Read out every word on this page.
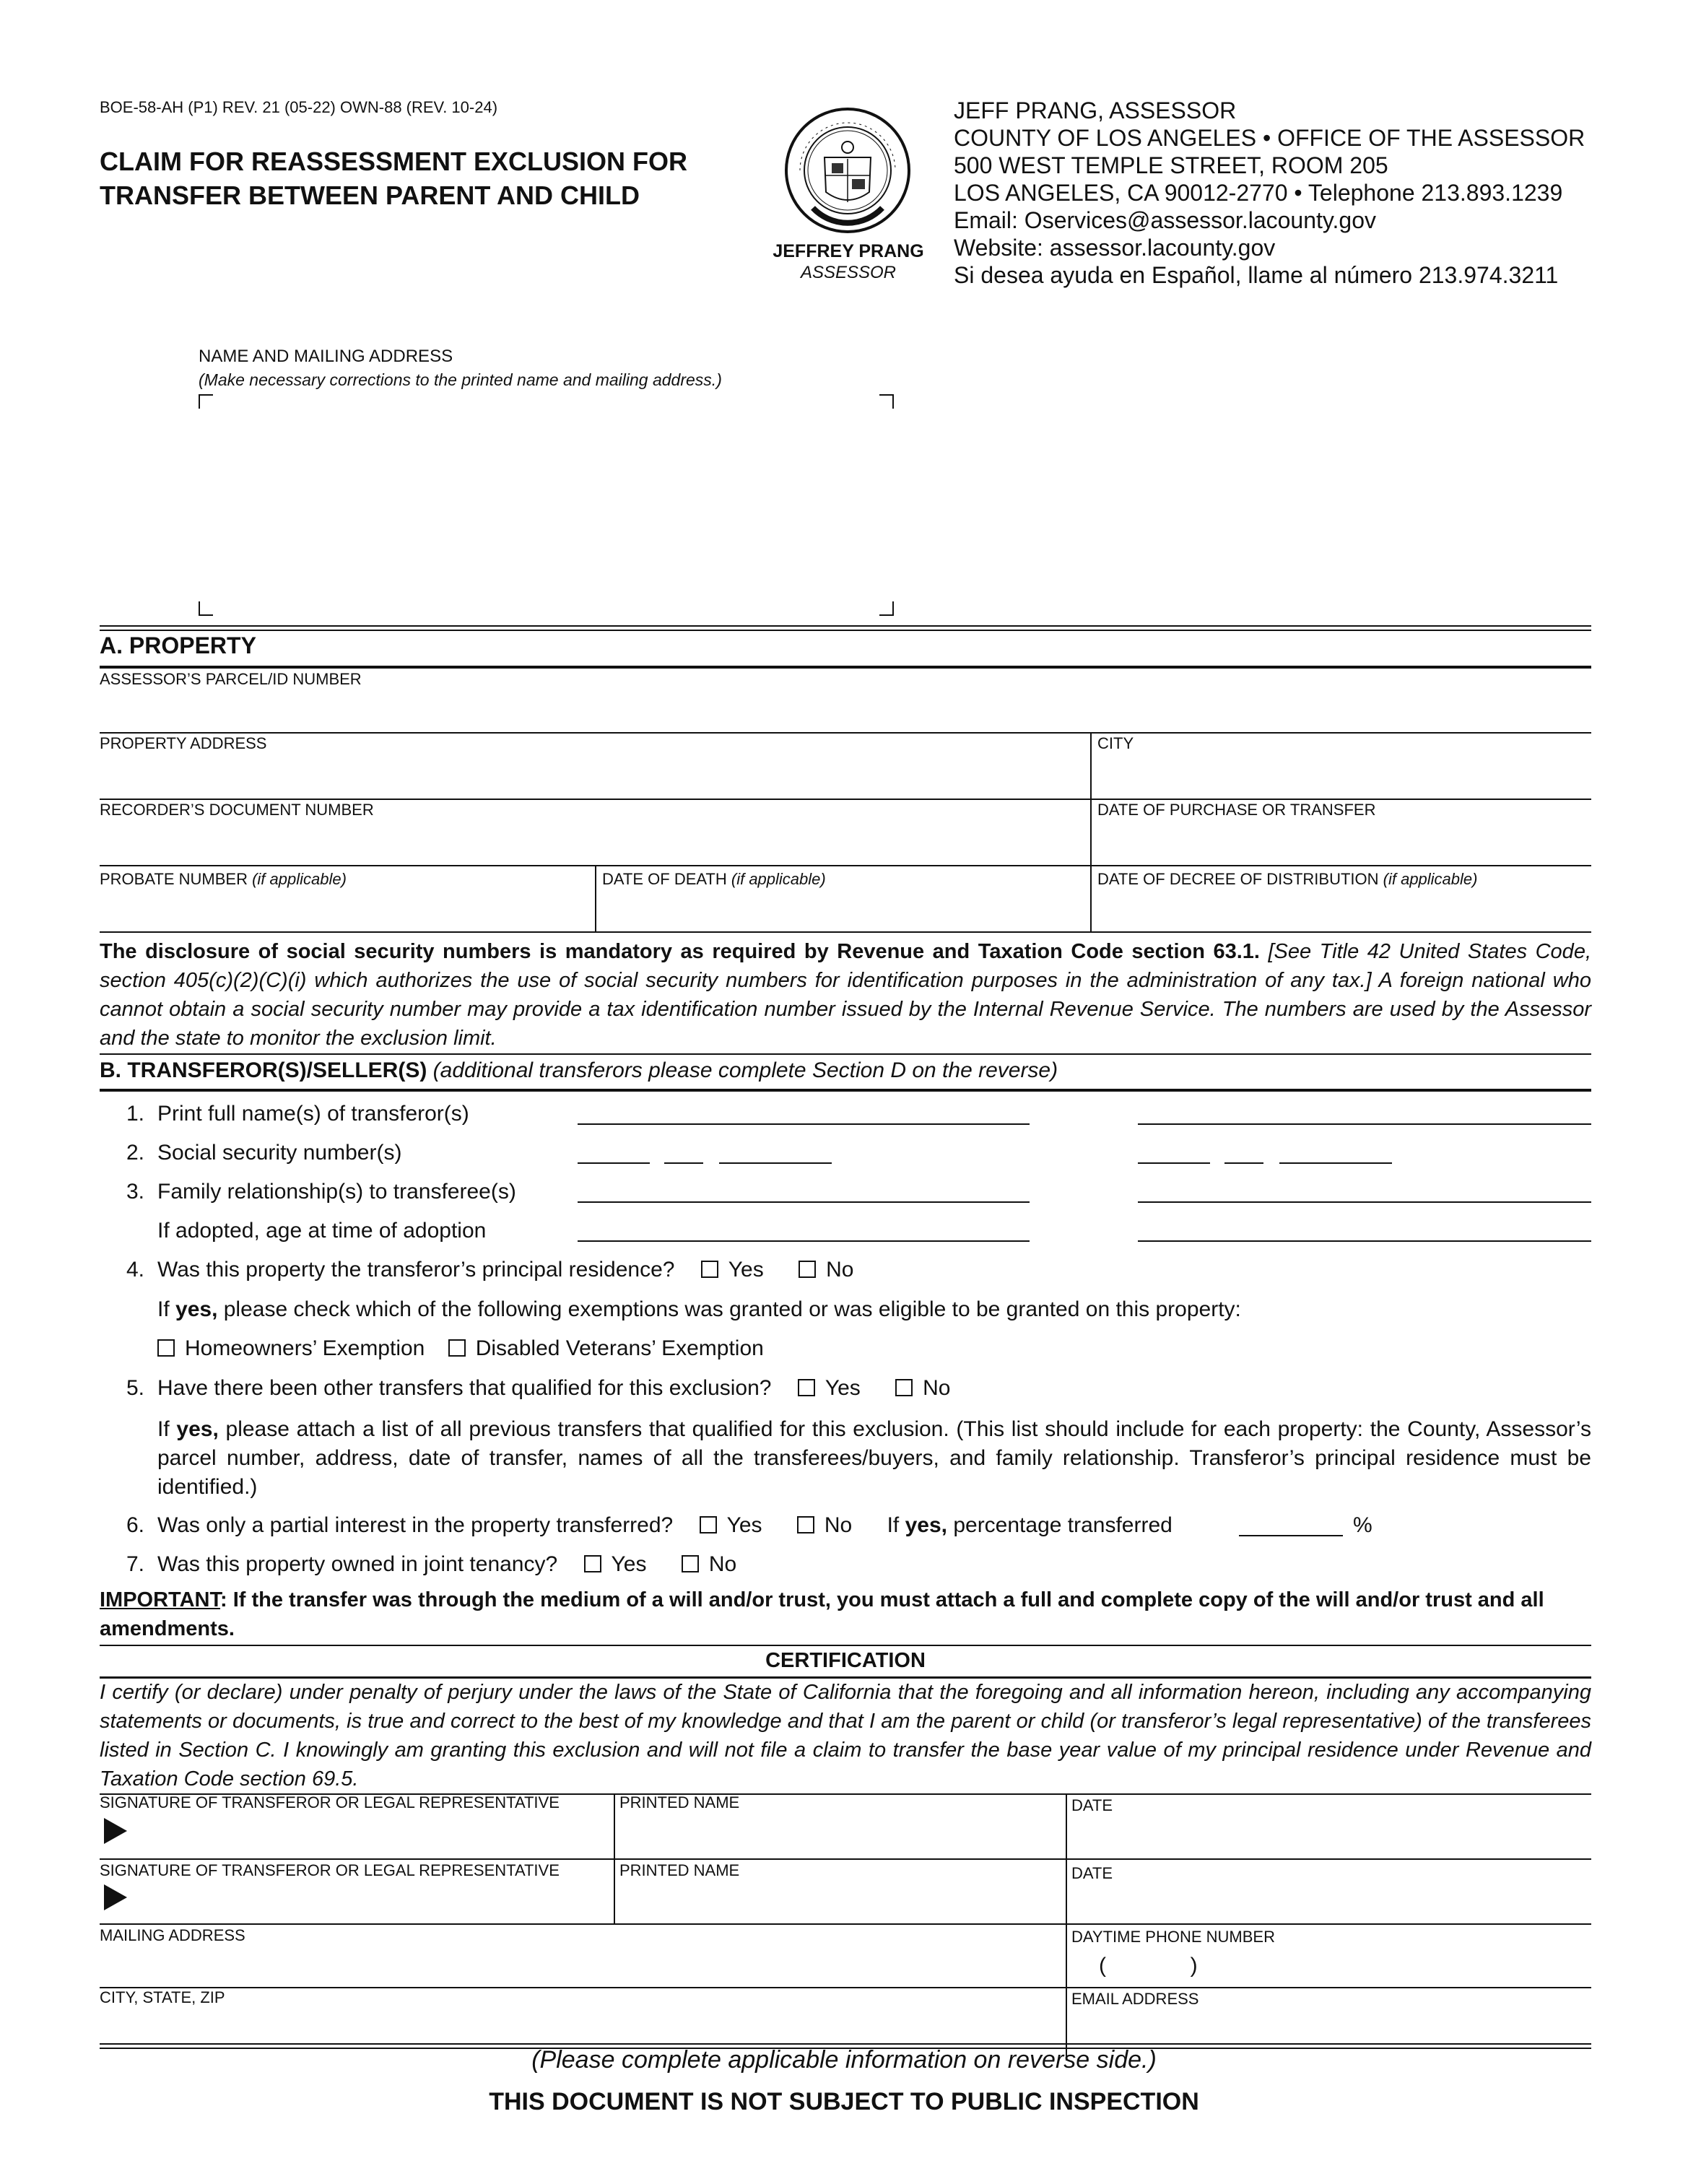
BOE-58-AH (P1) REV. 21 (05-22) OWN-88 (REV. 10-24)
CLAIM FOR REASSESSMENT EXCLUSION FOR
TRANSFER BETWEEN PARENT AND CHILD
JEFFREY PRANG
ASSESSOR
JEFF PRANG, ASSESSOR
COUNTY OF LOS ANGELES • OFFICE OF THE ASSESSOR
500 WEST TEMPLE STREET, ROOM 205
LOS ANGELES, CA 90012-2770 • Telephone 213.893.1239
Email: Oservices@assessor.lacounty.gov
Website: assessor.lacounty.gov
Si desea ayuda en Español, llame al número 213.974.3211
NAME AND MAILING ADDRESS
(Make necessary corrections to the printed name and mailing address.)
A. PROPERTY
ASSESSOR’S PARCEL/ID NUMBER
PROPERTY ADDRESS	CITY
RECORDER’S DOCUMENT NUMBER	DATE OF PURCHASE OR TRANSFER
PROBATE NUMBER (if applicable)	DATE OF DEATH (if applicable)	DATE OF DECREE OF DISTRIBUTION (if applicable)
The disclosure of social security numbers is mandatory as required by Revenue and Taxation Code section 63.1. [See Title 42 United States Code, section 405(c)(2)(C)(i) which authorizes the use of social security numbers for identification purposes in the administration of any tax.] A foreign national who cannot obtain a social security number may provide a tax identification number issued by the Internal Revenue Service. The numbers are used by the Assessor and the state to monitor the exclusion limit.
B. TRANSFEROR(S)/SELLER(S) (additional transferors please complete Section D on the reverse)
1. Print full name(s) of transferor(s)
2. Social security number(s)
3. Family relationship(s) to transferee(s)
If adopted, age at time of adoption
4. Was this property the transferor’s principal residence? Yes	No
If yes, please check which of the following exemptions was granted or was eligible to be granted on this property:
Homeowners’ Exemption Disabled Veterans’ Exemption
5. Have there been other transfers that qualified for this exclusion? Yes	No
If yes, please attach a list of all previous transfers that qualified for this exclusion. (This list should include for each property: the County, Assessor’s parcel number, address, date of transfer, names of all the transferees/buyers, and family relationship. Transferor’s principal residence must be identified.)
6. Was only a partial interest in the property transferred? Yes	No If yes, percentage transferred	%
7. Was this property owned in joint tenancy? Yes	No
IMPORTANT: If the transfer was through the medium of a will and/or trust, you must attach a full and complete copy of the will and/or trust and all amendments.
CERTIFICATION
I certify (or declare) under penalty of perjury under the laws of the State of California that the foregoing and all information hereon, including any accompanying statements or documents, is true and correct to the best of my knowledge and that I am the parent or child (or transferor’s legal representative) of the transferees listed in Section C. I knowingly am granting this exclusion and will not file a claim to transfer the base year value of my principal residence under Revenue and Taxation Code section 69.5.
SIGNATURE OF TRANSFEROR OR LEGAL REPRESENTATIVE	PRINTED NAME	DATE
SIGNATURE OF TRANSFEROR OR LEGAL REPRESENTATIVE	PRINTED NAME	DATE
MAILING ADDRESS	DAYTIME PHONE NUMBER
(              )
CITY, STATE, ZIP	EMAIL ADDRESS
(Please complete applicable information on reverse side.)
THIS DOCUMENT IS NOT SUBJECT TO PUBLIC INSPECTION
